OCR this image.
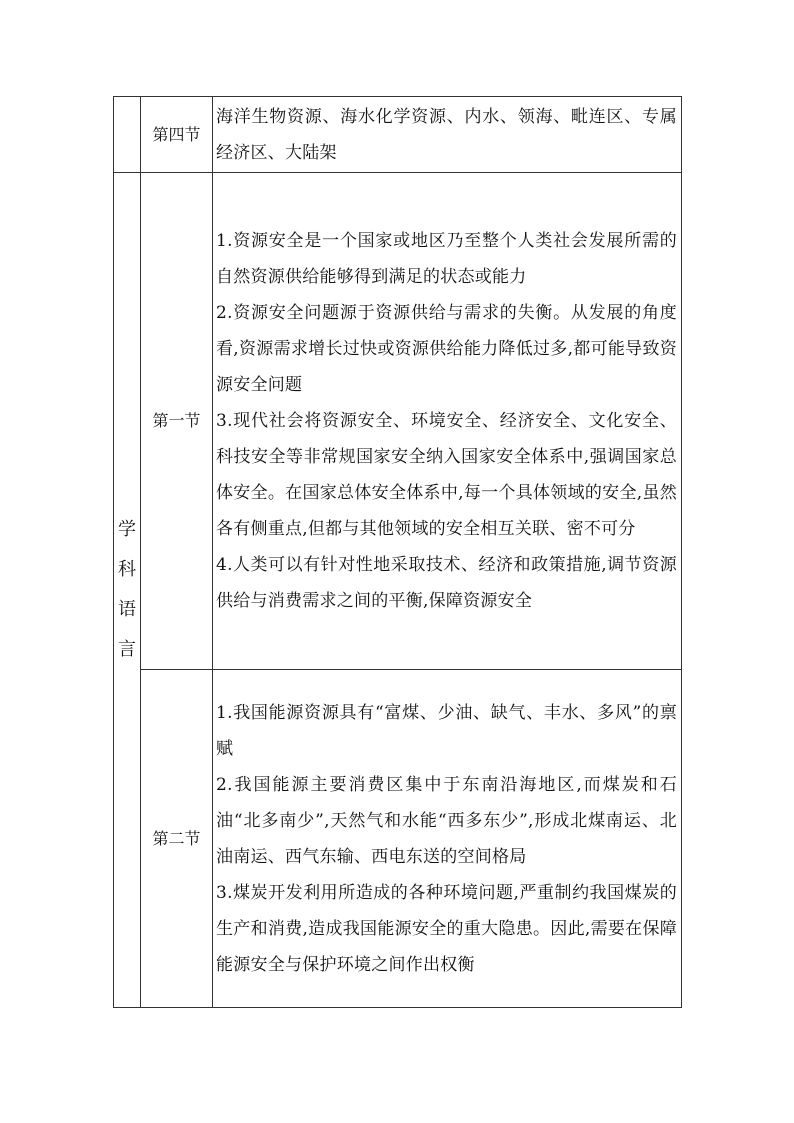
	第四节	海洋生物资源、海水化学资源、内水、领海、毗连区、专属经济区、大陆架

学科语言	第一节	1.资源安全是一个国家或地区乃至整个人类社会发展所需的自然资源供给能够得到满足的状态或能力

2.资源安全问题源于资源供给与需求的失衡。从发展的角度看,资源需求增长过快或资源供给能力降低过多,都可能导致资源安全问题

3.现代社会将资源安全、环境安全、经济安全、文化安全、科技安全等非常规国家安全纳入国家安全体系中,强调国家总体安全。在国家总体安全体系中,每一个具体领域的安全,虽然各有侧重点,但都与其他领域的安全相互关联、密不可分

4.人类可以有针对性地采取技术、经济和政策措施,调节资源供给与消费需求之间的平衡,保障资源安全

	第二节	1.我国能源资源具有“富煤、少油、缺气、丰水、多风”的禀赋

2.我国能源主要消费区集中于东南沿海地区,而煤炭和石油“北多南少”,天然气和水能“西多东少”,形成北煤南运、北油南运、西气东输、西电东送的空间格局

3.煤炭开发利用所造成的各种环境问题,严重制约我国煤炭的生产和消费,造成我国能源安全的重大隐患。因此,需要在保障能源安全与保护环境之间作出权衡
